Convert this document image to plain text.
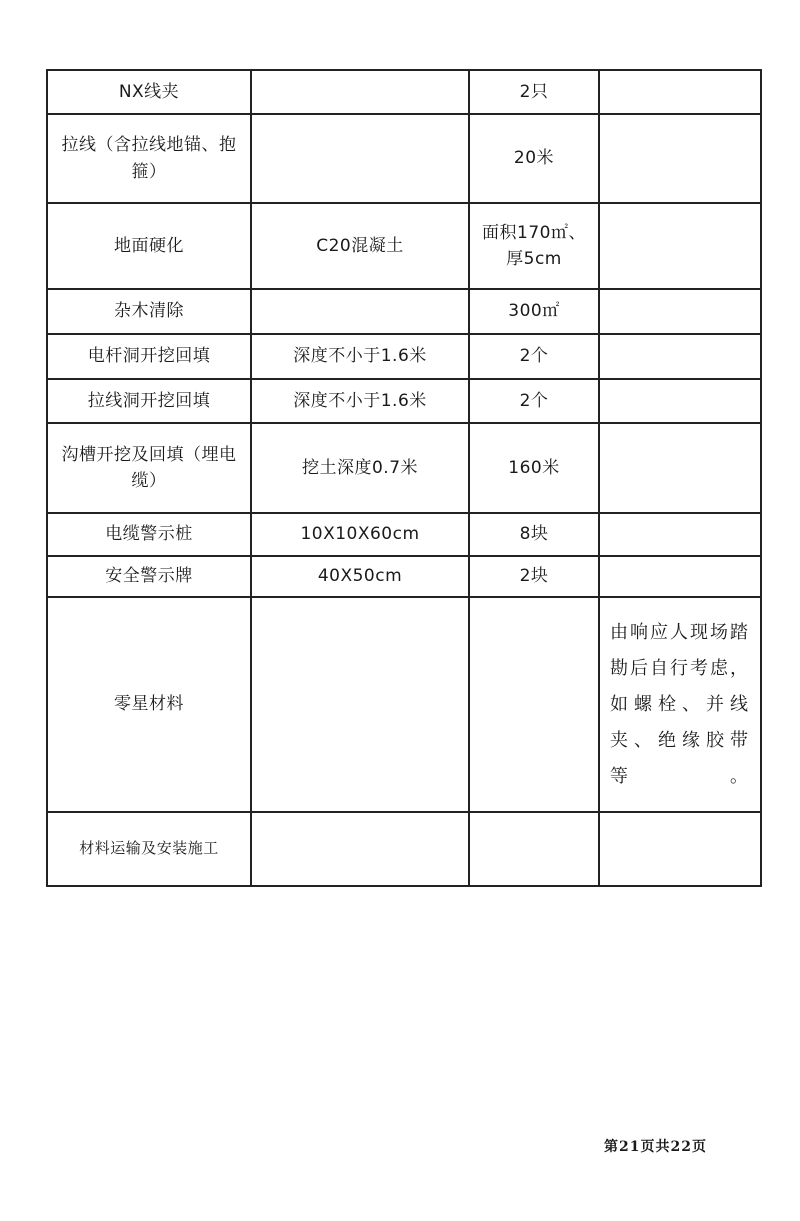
NX线夹		2只	
拉线（含拉线地锚、抱箍）		20米	
地面硬化	C20混凝土	面积170㎡、厚5cm	
杂木清除		300㎡	
电杆洞开挖回填	深度不小于1.6米	2个	
拉线洞开挖回填	深度不小于1.6米	2个	
沟槽开挖及回填（埋电缆）	挖土深度0.7米	160米	
电缆警示桩	10X10X60cm	8块	
安全警示牌	40X50cm	2块	
零星材料			由响应人现场踏勘后自行考虑，如螺栓、并线夹、绝缘胶带等。
材料运输及安装施工			
第21页共22页
